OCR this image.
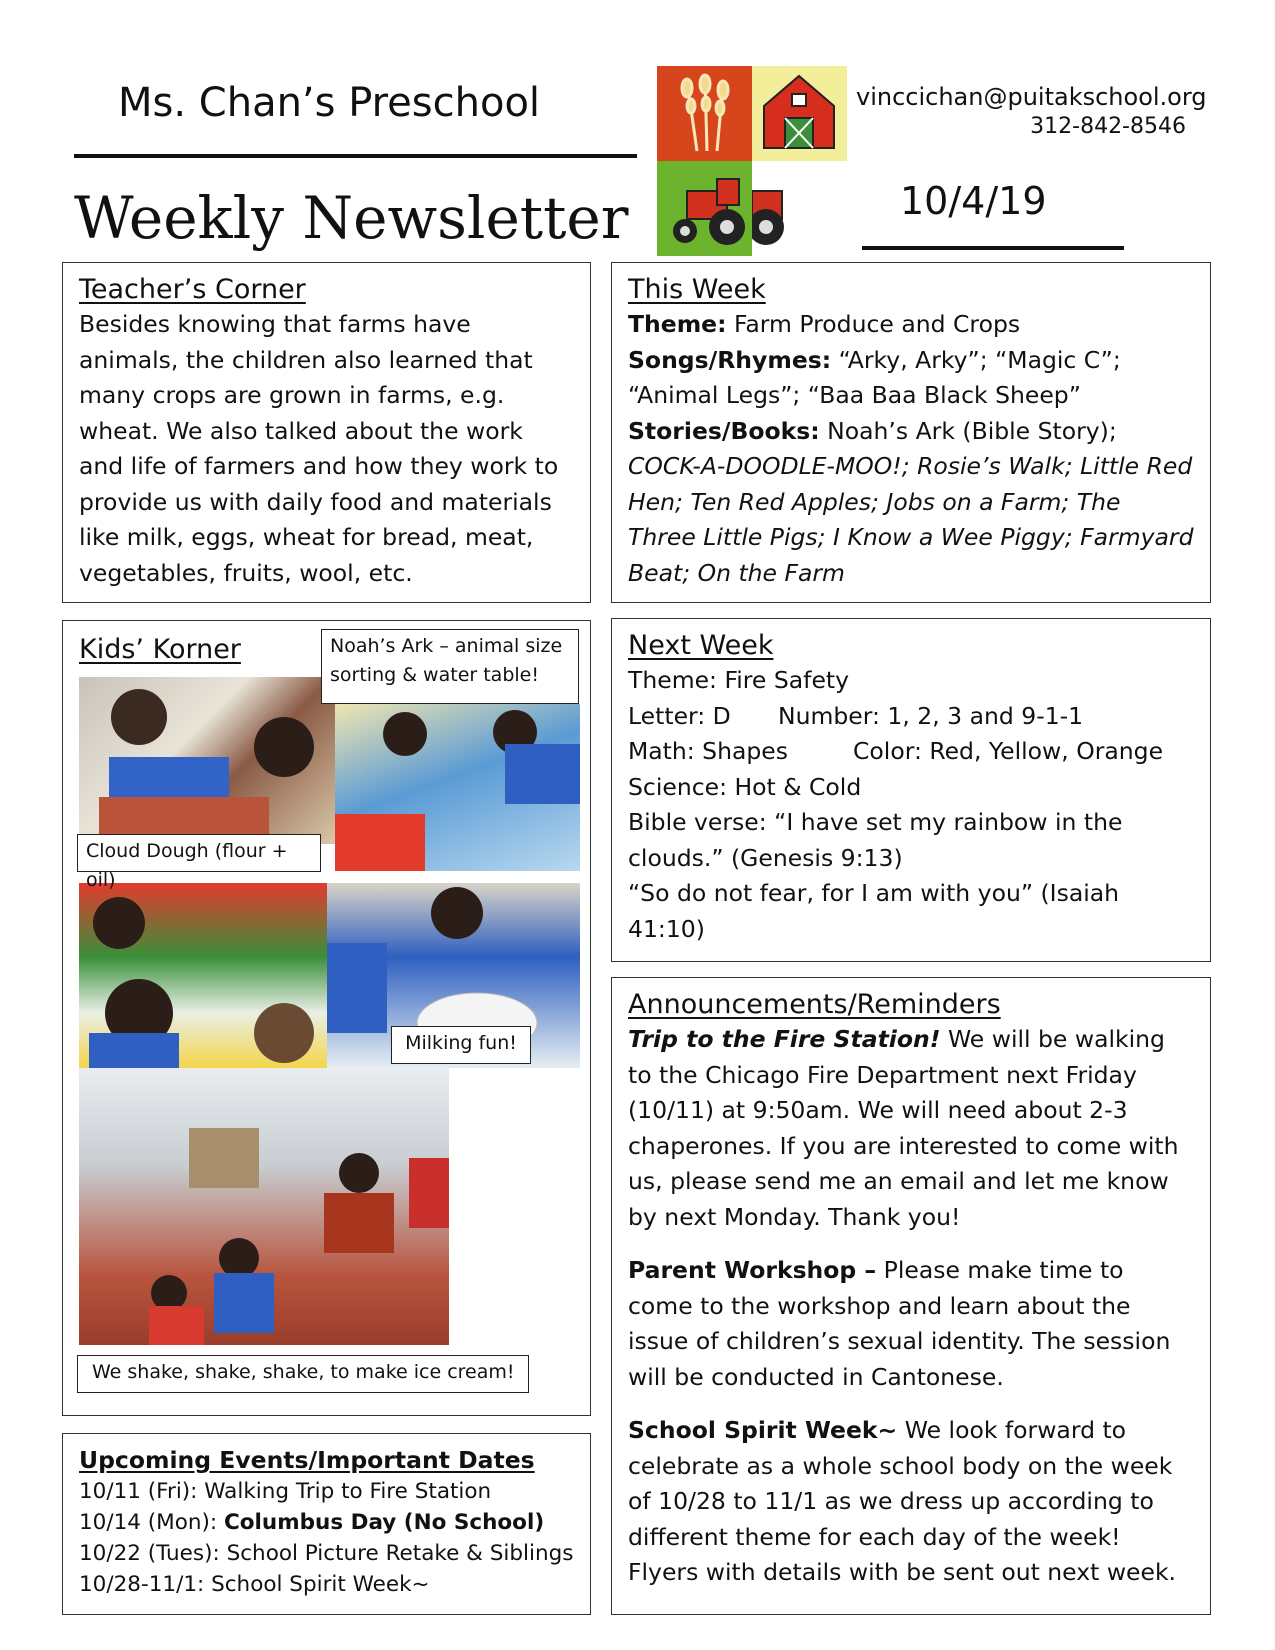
Ms. Chan’s Preschool
Weekly Newsletter
vinccichan@puitakschool.org
312-842-8546
10/4/19
Teacher’s Corner
Besides knowing that farms have animals, the children also learned that many crops are grown in farms, e.g. wheat. We also talked about the work and life of farmers and how they work to provide us with daily food and materials like milk, eggs, wheat for bread, meat, vegetables, fruits, wool, etc.
This Week
Theme: Farm Produce and Crops
Songs/Rhymes: “Arky, Arky”; “Magic C”; “Animal Legs”; “Baa Baa Black Sheep”
Stories/Books: Noah’s Ark (Bible Story); COCK-A-DOODLE-MOO!; Rosie’s Walk; Little Red Hen; Ten Red Apples; Jobs on a Farm; The Three Little Pigs; I Know a Wee Piggy; Farmyard Beat; On the Farm
Kids’ Korner	Noah’s Ark – animal size sorting & water table!
Cloud Dough (flour + oil)
Milking fun!
We shake, shake, shake, to make ice cream!
Next Week
Theme: Fire Safety
Letter: D Number: 1, 2, 3 and 9-1-1
Math: Shapes	Color: Red, Yellow, Orange
Science: Hot & Cold
Bible verse: “I have set my rainbow in the clouds.” (Genesis 9:13)
“So do not fear, for I am with you” (Isaiah 41:10)
Announcements/Reminders
Trip to the Fire Station! We will be walking to the Chicago Fire Department next Friday (10/11) at 9:50am. We will need about 2-3 chaperones. If you are interested to come with us, please send me an email and let me know by next Monday. Thank you!
Parent Workshop – Please make time to come to the workshop and learn about the issue of children’s sexual identity. The session will be conducted in Cantonese.
School Spirit Week~ We look forward to celebrate as a whole school body on the week of 10/28 to 11/1 as we dress up according to different theme for each day of the week! Flyers with details with be sent out next week.
Upcoming Events/Important Dates
10/11 (Fri): Walking Trip to Fire Station
10/14 (Mon): Columbus Day (No School)
10/22 (Tues): School Picture Retake & Siblings
10/28-11/1: School Spirit Week~
